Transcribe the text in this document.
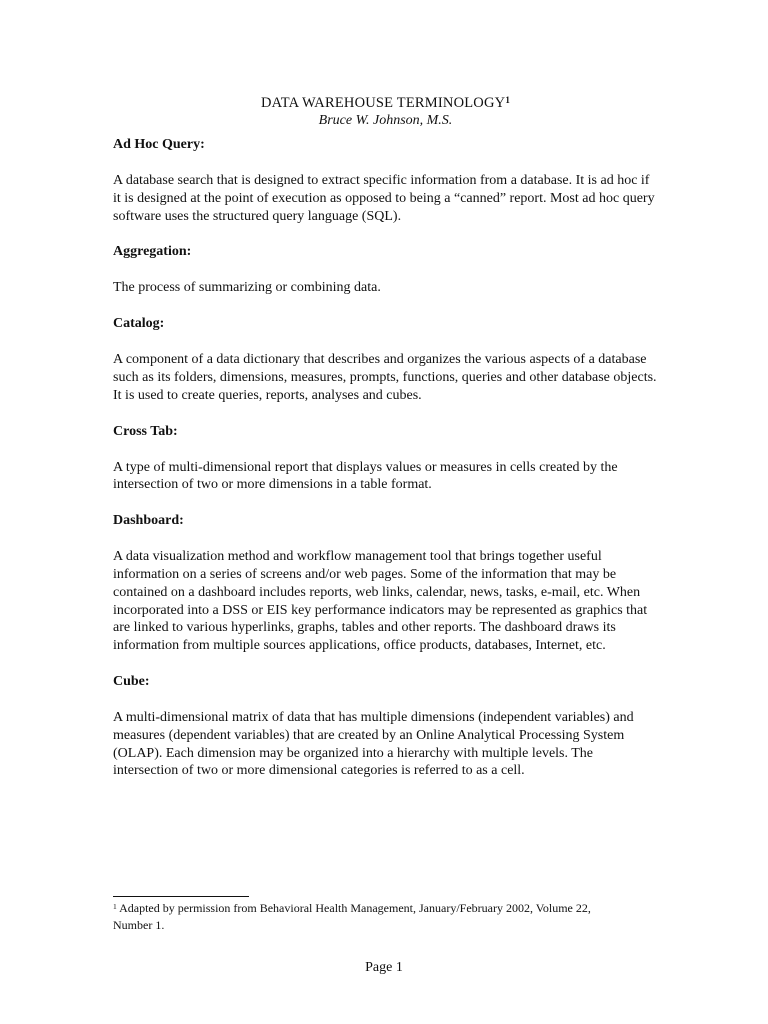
DATA WAREHOUSE TERMINOLOGY$^1$

Bruce W. Johnson, M.S.

Ad Hoc Query:

A database search that is designed to extract specific information from a database. It is ad hoc if it is designed at the point of execution as opposed to being a “canned” report. Most ad hoc query software uses the structured query language (SQL).

Aggregation:

The process of summarizing or combining data.

Catalog:

A component of a data dictionary that describes and organizes the various aspects of a database such as its folders, dimensions, measures, prompts, functions, queries and other database objects. It is used to create queries, reports, analyses and cubes.

Cross Tab:

A type of multi-dimensional report that displays values or measures in cells created by the intersection of two or more dimensions in a table format.

Dashboard:

A data visualization method and workflow management tool that brings together useful information on a series of screens and/or web pages. Some of the information that may be contained on a dashboard includes reports, web links, calendar, news, tasks, e-mail, etc. When incorporated into a DSS or EIS key performance indicators may be represented as graphics that are linked to various hyperlinks, graphs, tables and other reports. The dashboard draws its information from multiple sources applications, office products, databases, Internet, etc.

Cube:

A multi-dimensional matrix of data that has multiple dimensions (independent variables) and measures (dependent variables) that are created by an Online Analytical Processing System (OLAP). Each dimension may be organized into a hierarchy with multiple levels. The intersection of two or more dimensional categories is referred to as a cell.

$^1$ Adapted by permission from Behavioral Health Management, January/February 2002, Volume 22, Number 1.
Page 1
